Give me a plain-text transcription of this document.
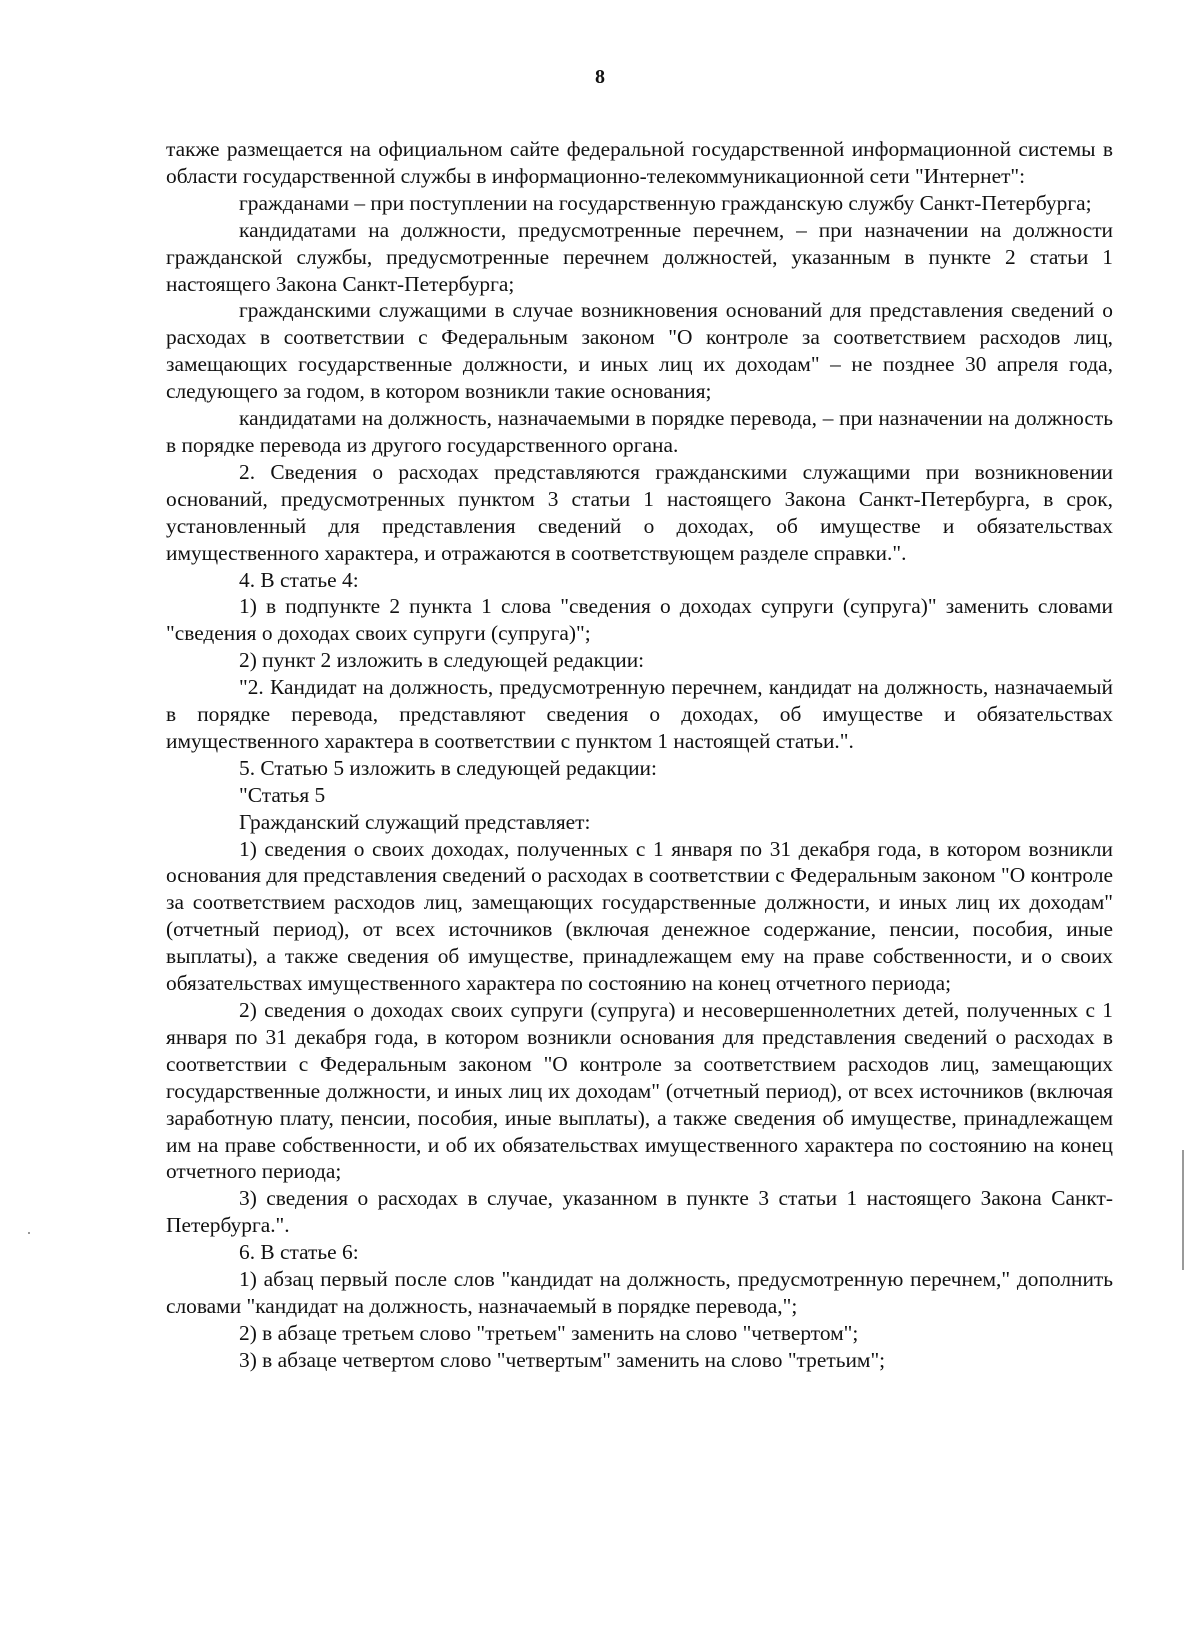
8

также размещается на официальном сайте федеральной государственной информационной системы в области государственной службы в информационно-телекоммуникационной сети "Интернет":

гражданами – при поступлении на государственную гражданскую службу Санкт-Петербурга;

кандидатами на должности, предусмотренные перечнем, – при назначении на должности гражданской службы, предусмотренные перечнем должностей, указанным в пункте 2 статьи 1 настоящего Закона Санкт-Петербурга;

гражданскими служащими в случае возникновения оснований для представления сведений о расходах в соответствии с Федеральным законом "О контроле за соответствием расходов лиц, замещающих государственные должности, и иных лиц их доходам" – не позднее 30 апреля года, следующего за годом, в котором возникли такие основания;

кандидатами на должность, назначаемыми в порядке перевода, – при назначении на должность в порядке перевода из другого государственного органа.

2. Сведения о расходах представляются гражданскими служащими при возникновении оснований, предусмотренных пунктом 3 статьи 1 настоящего Закона Санкт-Петербурга, в срок, установленный для представления сведений о доходах, об имуществе и обязательствах имущественного характера, и отражаются в соответствующем разделе справки.".

4. В статье 4:

1) в подпункте 2 пункта 1 слова "сведения о доходах супруги (супруга)" заменить словами "сведения о доходах своих супруги (супруга)";

2) пункт 2 изложить в следующей редакции:

"2. Кандидат на должность, предусмотренную перечнем, кандидат на должность, назначаемый в порядке перевода, представляют сведения о доходах, об имуществе и обязательствах имущественного характера в соответствии с пунктом 1 настоящей статьи.".

5. Статью 5 изложить в следующей редакции:

"Статья 5

Гражданский служащий представляет:

1) сведения о своих доходах, полученных с 1 января по 31 декабря года, в котором возникли основания для представления сведений о расходах в соответствии с Федеральным законом "О контроле за соответствием расходов лиц, замещающих государственные должности, и иных лиц их доходам" (отчетный период), от всех источников (включая денежное содержание, пенсии, пособия, иные выплаты), а также сведения об имуществе, принадлежащем ему на праве собственности, и о своих обязательствах имущественного характера по состоянию на конец отчетного периода;

2) сведения о доходах своих супруги (супруга) и несовершеннолетних детей, полученных с 1 января по 31 декабря года, в котором возникли основания для представления сведений о расходах в соответствии с Федеральным законом "О контроле за соответствием расходов лиц, замещающих государственные должности, и иных лиц их доходам" (отчетный период), от всех источников (включая заработную плату, пенсии, пособия, иные выплаты), а также сведения об имуществе, принадлежащем им на праве собственности, и об их обязательствах имущественного характера по состоянию на конец отчетного периода;

3) сведения о расходах в случае, указанном в пункте 3 статьи 1 настоящего Закона Санкт-Петербурга.".

6. В статье 6:

1) абзац первый после слов "кандидат на должность, предусмотренную перечнем," дополнить словами "кандидат на должность, назначаемый в порядке перевода,";

2) в абзаце третьем слово "третьем" заменить на слово "четвертом";

3) в абзаце четвертом слово "четвертым" заменить на слово "третьим";
